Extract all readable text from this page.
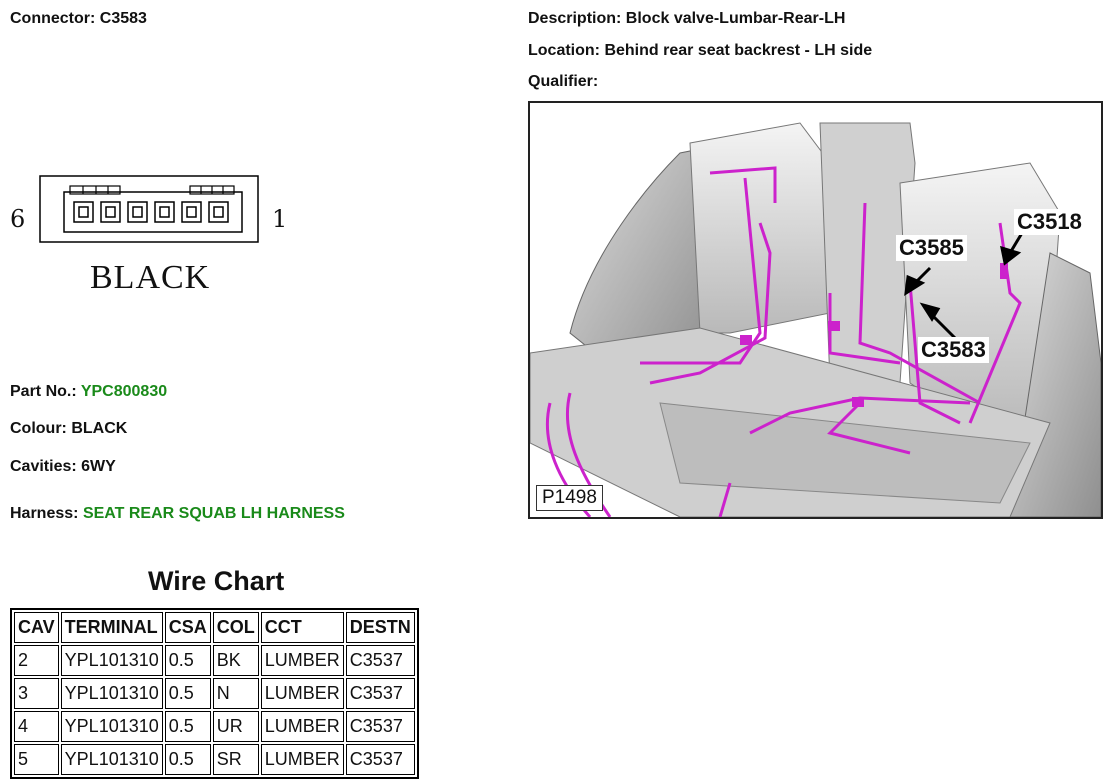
Connector: C3583	Description: Block valve-Lumbar-Rear-LH
Location: Behind rear seat backrest - LH side
Qualifier:
6	1
BLACK
Part No.: YPC800830
Colour: BLACK
Cavities: 6WY
Harness: SEAT REAR SQUAB LH HARNESS
Wire Chart
CAV	TERMINAL	CSA	COL	CCT	DESTN
2	YPL101310	0.5	BK	LUMBER	C3537
3	YPL101310	0.5	N	LUMBER	C3537
4	YPL101310	0.5	UR	LUMBER	C3537
5	YPL101310	0.5	SR	LUMBER	C3537
C3518
C3585
C3583
P1498
